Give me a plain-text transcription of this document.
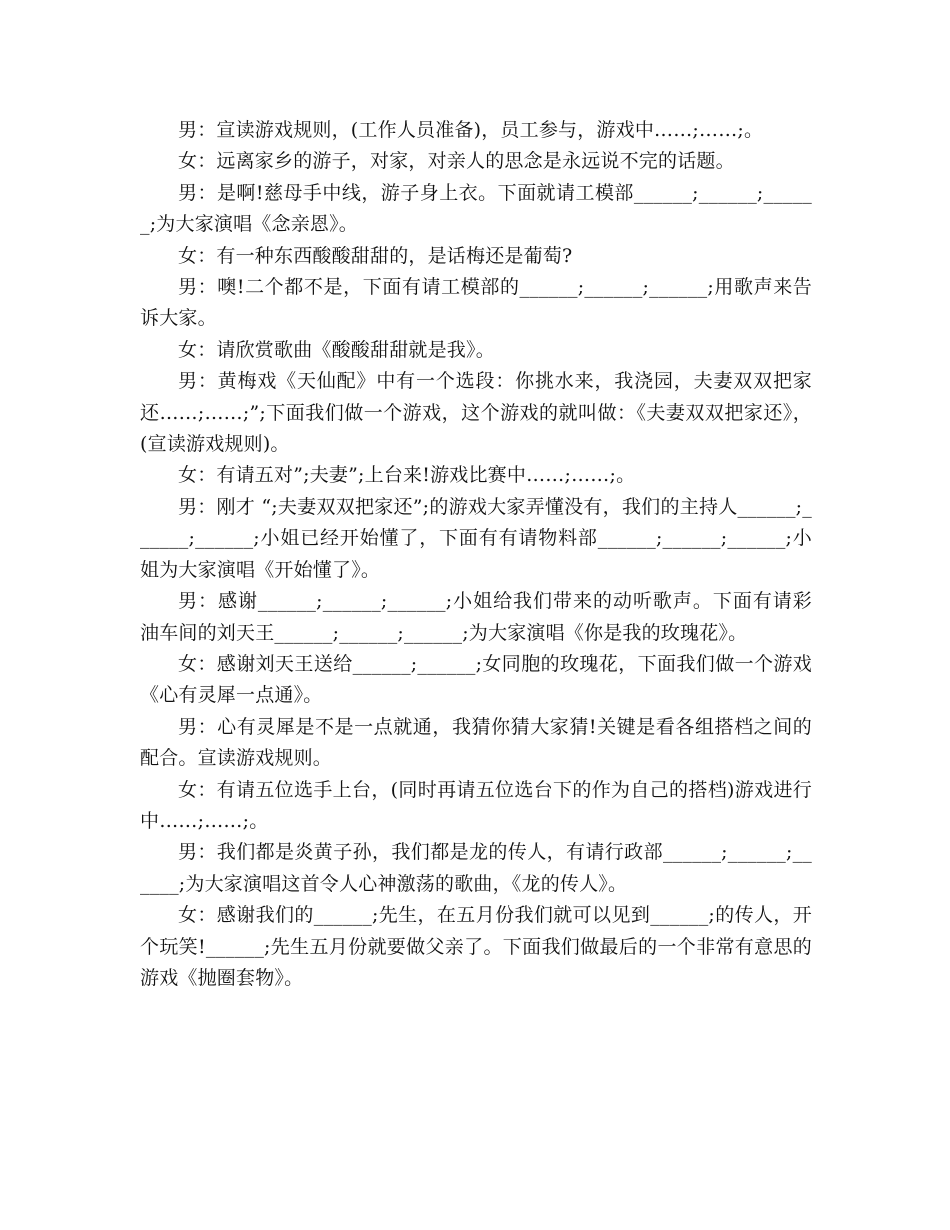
男：宣读游戏规则，(工作人员准备)，员工参与，游戏中……;……;。

女：远离家乡的游子，对家，对亲人的思念是永远说不完的话题。

男：是啊!慈母手中线，游子身上衣。下面就请工模部______;______;______;为大家演唱《念亲恩》。

女：有一种东西酸酸甜甜的，是话梅还是葡萄?

男：噢!二个都不是，下面有请工模部的______;______;______;用歌声来告诉大家。

女：请欣赏歌曲《酸酸甜甜就是我》。

男：黄梅戏《天仙配》中有一个选段：你挑水来，我浇园，夫妻双双把家还……;……;”;下面我们做一个游戏，这个游戏的就叫做：《夫妻双双把家还》，(宣读游戏规则)。

女：有请五对”;夫妻”;上台来!游戏比赛中……;……;。

男：刚才 “;夫妻双双把家还”;的游戏大家弄懂没有，我们的主持人______;______;______;小姐已经开始懂了，下面有有请物料部______;______;______;小姐为大家演唱《开始懂了》。

男：感谢______;______;______;小姐给我们带来的动听歌声。下面有请彩油车间的刘天王______;______;______;为大家演唱《你是我的玫瑰花》。

女：感谢刘天王送给______;______;女同胞的玫瑰花，下面我们做一个游戏《心有灵犀一点通》。

男：心有灵犀是不是一点就通，我猜你猜大家猜!关键是看各组搭档之间的配合。宣读游戏规则。

女：有请五位选手上台，(同时再请五位选台下的作为自己的搭档)游戏进行中……;……;。

男：我们都是炎黄子孙，我们都是龙的传人，有请行政部______;______;______;为大家演唱这首令人心神激荡的歌曲，《龙的传人》。

女：感谢我们的______;先生，在五月份我们就可以见到______;的传人，开个玩笑!______;先生五月份就要做父亲了。下面我们做最后的一个非常有意思的游戏《抛圈套物》。
